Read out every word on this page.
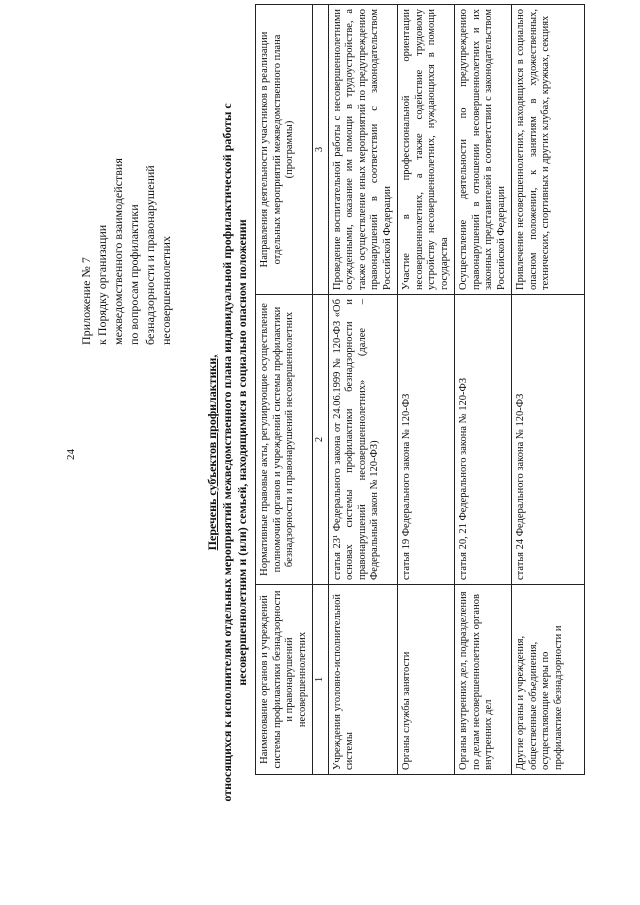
24
Приложение № 7 к Порядку организации межведомственного взаимодействия по вопросам профилактики безнадзорности и правонарушений несовершеннолетних
Перечень субъектов профилактики, относящихся к исполнителям отдельных мероприятий межведомственного плана индивидуальной профилактической работы с несовершеннолетним и (или) семьей, находящимися в социально опасном положении Наименование органов и учреждений системы профилактики безнадзорности и правонарушений несовершеннолетних	Нормативные правовые акты, регулирующие осуществление полномочий органов и учреждений системы профилактики безнадзорности и правонарушений несовершеннолетних	Направления деятельности участников в реализации отдельных мероприятий межведомственного плана (программы)
1	2	3
Учреждения уголовно-исполнительной системы	статья 23¹ Федерального закона от 24.06.1999 № 120-ФЗ «Об основах системы профилактики безнадзорности и правонарушений несовершеннолетних» (далее – Федеральный закон № 120-ФЗ)	Проведение воспитательной работы с несовершеннолетними осужденными, оказание им помощи в трудоустройстве, а также осуществление иных мероприятий по предупреждению правонарушений в соответствии с законодательством Российской Федерации
Органы службы занятости	статья 19 Федерального закона № 120-ФЗ	Участие в профессиональной ориентации несовершеннолетних, а также содействие трудовому устройству несовершеннолетних, нуждающихся в помощи государства
Органы внутренних дел, подразделения по делам несовершеннолетних органов внутренних дел	статья 20, 21 Федерального закона № 120-ФЗ	Осуществление деятельности по предупреждению правонарушений в отношении несовершеннолетних и их законных представителей в соответствии с законодательством Российской Федерации

Другие органы и учреждения, общественные объединения, осуществляющие меры по профилактике безнадзорности и	статья 24 Федерального закона № 120-ФЗ	Привлечение несовершеннолетних, находящихся в социально опасном положении, к занятиям в художественных, технических, спортивных и других клубах, кружках, секциях
